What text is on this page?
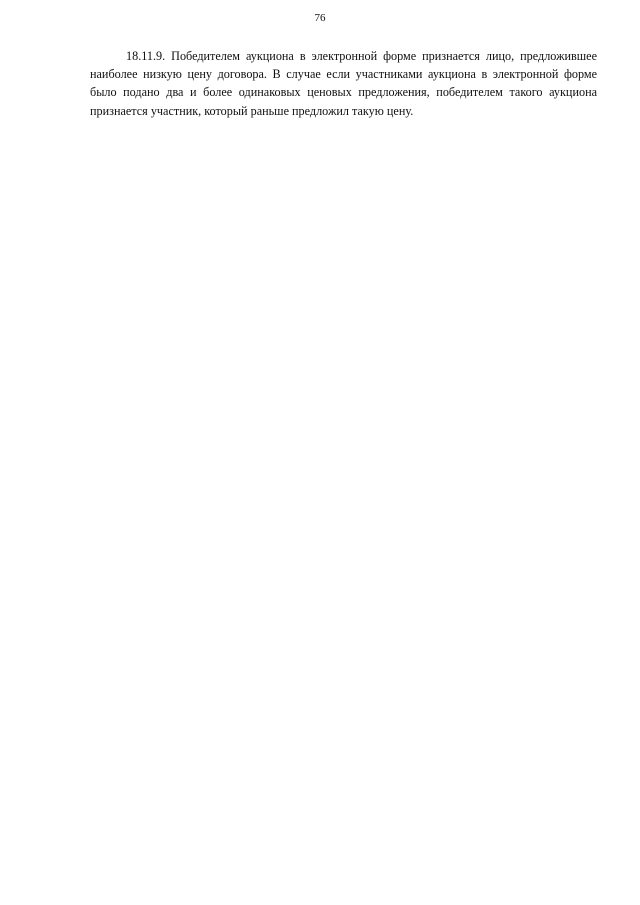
76

18.11.9. Победителем аукциона в электронной форме признается лицо, предложившее наиболее низкую цену договора. В случае если участниками аукциона в электронной форме было подано два и более одинаковых ценовых предложения, победителем такого аукциона признается участник, который раньше предложил такую цену.
